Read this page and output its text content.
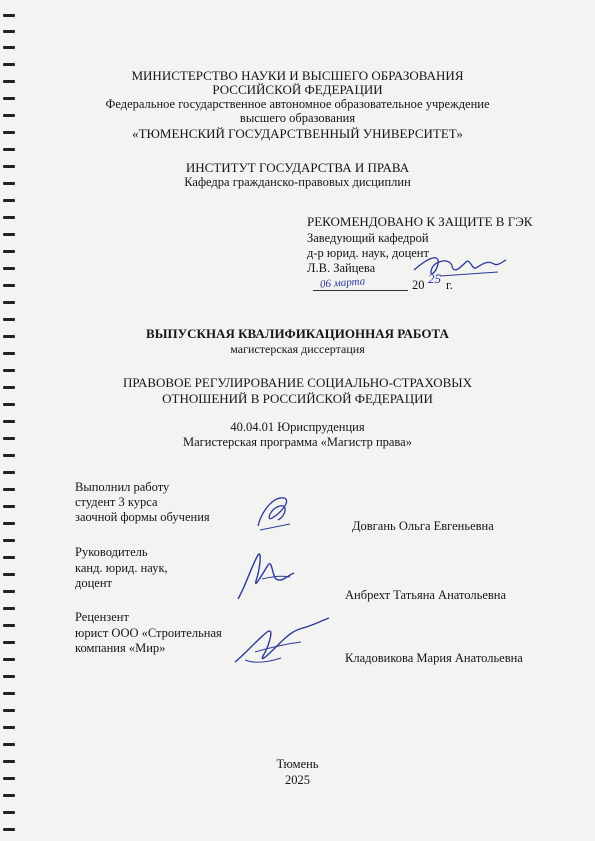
МИНИСТЕРСТВО НАУКИ И ВЫСШЕГО ОБРАЗОВАНИЯ
РОССИЙСКОЙ ФЕДЕРАЦИИ
Федеральное государственное автономное образовательное учреждение
высшего образования
«ТЮМЕНСКИЙ ГОСУДАРСТВЕННЫЙ УНИВЕРСИТЕТ»
ИНСТИТУТ ГОСУДАРСТВА И ПРАВА
Кафедра гражданско-правовых дисциплин
РЕКОМЕНДОВАНО К ЗАЩИТЕ В ГЭК
Заведующий кафедрой
д-р юрид. наук, доцент
Л.В. Зайцева
06 марта	20 25 г.
ВЫПУСКНАЯ КВАЛИФИКАЦИОННАЯ РАБОТА
магистерская диссертация
ПРАВОВОЕ РЕГУЛИРОВАНИЕ СОЦИАЛЬНО-СТРАХОВЫХ
ОТНОШЕНИЙ В РОССИЙСКОЙ ФЕДЕРАЦИИ
40.04.01 Юриспруденция
Магистерская программа «Магистр права»
Выполнил работу
студент 3 курса
заочной формы обучения
Довгань Ольга Евгеньевна
Руководитель
канд. юрид. наук,
доцент
Анбрехт Татьяна Анатольевна
Рецензент
юрист ООО «Строительная
компания «Мир»
Кладовикова Мария Анатольевна
Тюмень
2025
